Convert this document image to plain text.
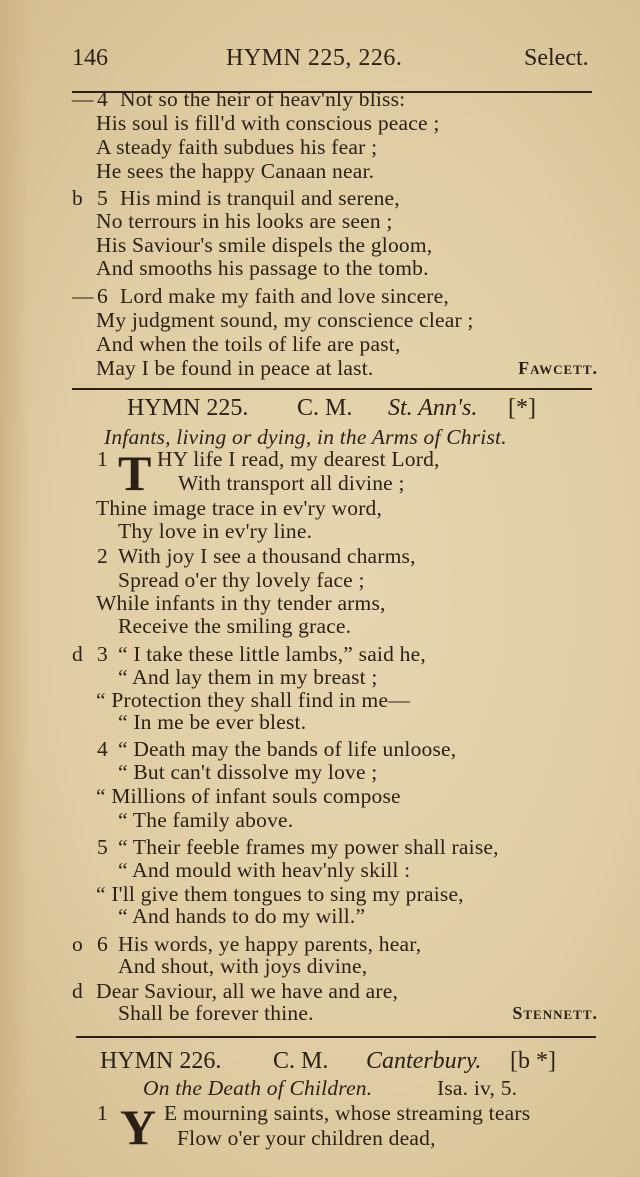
146	HYMN 225, 226.	Select.
— 4 Not so the heir of heav'nly bliss:
His soul is fill'd with conscious peace ;
A steady faith subdues his fear ;
He sees the happy Canaan near.
b 5 His mind is tranquil and serene,
No terrours in his looks are seen ;
His Saviour's smile dispels the gloom,
And smooths his passage to the tomb.
— 6 Lord make my faith and love sincere,
My judgment sound, my conscience clear ;
And when the toils of life are past,
May I be found in peace at last.	Fawcett.
HYMN 225. C. M. St. Ann's. [*]
Infants, living or dying, in the Arms of Christ.
1 T HY life I read, my dearest Lord,
With transport all divine ;
Thine image trace in ev'ry word,
Thy love in ev'ry line.
2 With joy I see a thousand charms,
Spread o'er thy lovely face ;
While infants in thy tender arms,
Receive the smiling grace.
d 3 “ I take these little lambs,” said he,
“ And lay them in my breast ;
“ Protection they shall find in me—
“ In me be ever blest.
4 “ Death may the bands of life unloose,
“ But can't dissolve my love ;
“ Millions of infant souls compose
“ The family above.
5 “ Their feeble frames my power shall raise,
“ And mould with heav'nly skill :
“ I'll give them tongues to sing my praise,
“ And hands to do my will.”
o 6 His words, ye happy parents, hear,
And shout, with joys divine,
d Dear Saviour, all we have and are,
Shall be forever thine.	Stennett.
HYMN 226. C. M. Canterbury. [b *]
On the Death of Children.	Isa. iv, 5.
1 Y E mourning saints, whose streaming tears
Flow o'er your children dead,
